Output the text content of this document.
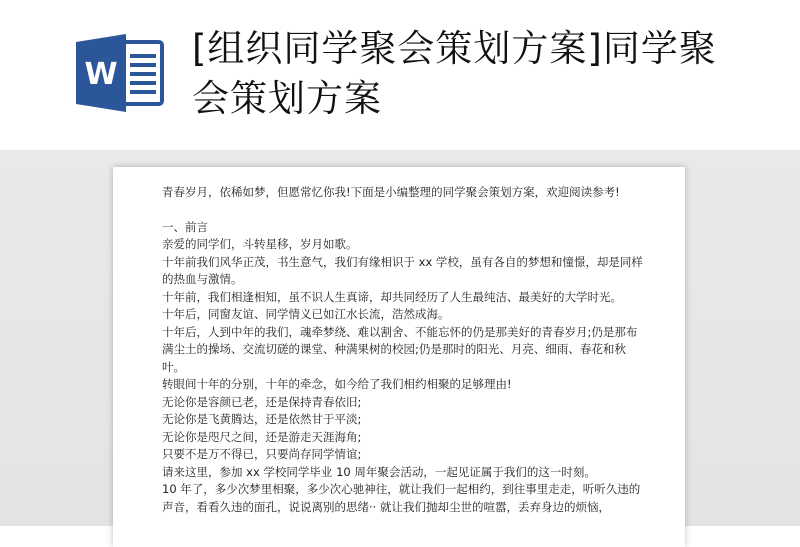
W
[组织同学聚会策划方案]同学聚会策划方案

青春岁月，依稀如梦，但愿常忆你我!下面是小编整理的同学聚会策划方案，欢迎阅读参考!

一、前言

亲爱的同学们，斗转星移，岁月如歌。

十年前我们风华正茂，书生意气，我们有缘相识于 xx 学校，虽有各自的梦想和憧憬，却是同样的热血与激情。

十年前，我们相逢相知，虽不识人生真谛，却共同经历了人生最纯洁、最美好的大学时光。

十年后，同窗友谊、同学情义已如江水长流，浩然成海。

十年后，人到中年的我们，魂牵梦绕、难以割舍、不能忘怀的仍是那美好的青春岁月;仍是那布满尘土的操场、交流切磋的课堂、种满果树的校园;仍是那时的阳光、月亮、细雨、春花和秋叶。

转眼间十年的分别，十年的牵念，如今给了我们相约相聚的足够理由!

无论你是容颜已老，还是保持青春依旧;

无论你是飞黄腾达，还是依然甘于平淡;

无论你是咫尺之间，还是游走天涯海角;

只要不是万不得已，只要尚存同学情谊;

请来这里，参加 xx 学校同学毕业 10 周年聚会活动，一起见证属于我们的这一时刻。

10 年了，多少次梦里相聚，多少次心驰神往，就让我们一起相约，到往事里走走，听听久违的声音，看看久违的面孔，说说离别的思绪·· 就让我们抛却尘世的喧嚣，丢弃身边的烦恼，
